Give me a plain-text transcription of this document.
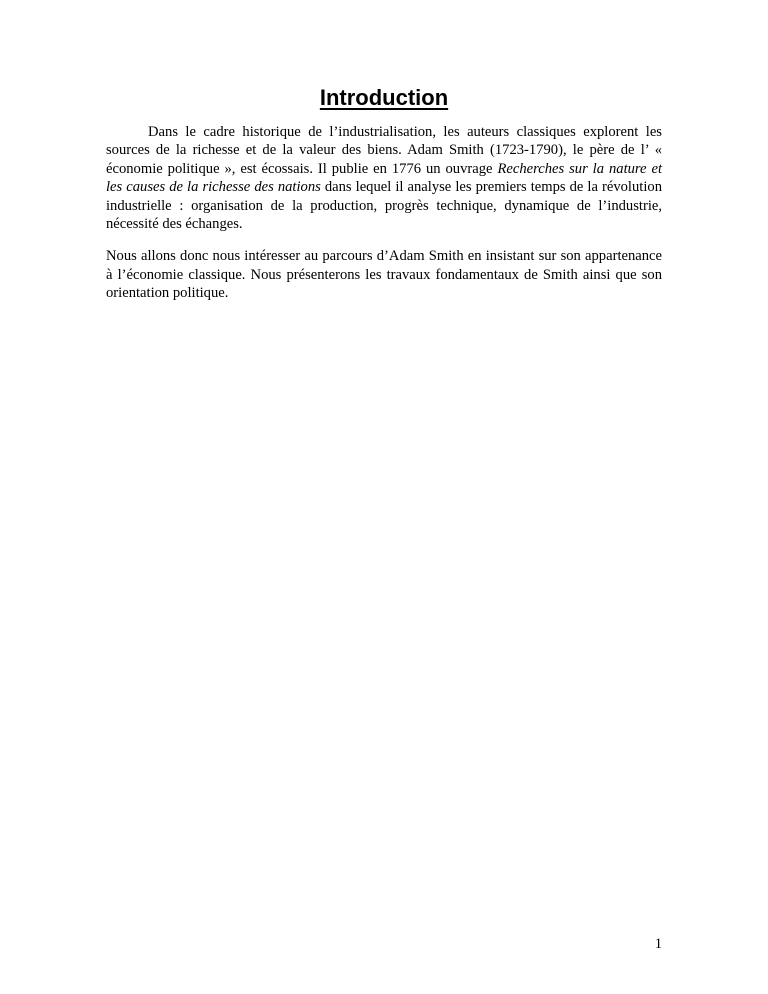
Introduction

Dans le cadre historique de l’industrialisation, les auteurs classiques explorent les sources de la richesse et de la valeur des biens. Adam Smith (1723-1790), le père de l’ « économie politique », est écossais. Il publie en 1776 un ouvrage Recherches sur la nature et les causes de la richesse des nations dans lequel il analyse les premiers temps de la révolution industrielle : organisation de la production, progrès technique, dynamique de l’industrie, nécessité des échanges.

Nous allons donc nous intéresser au parcours d’Adam Smith en insistant sur son appartenance à l’économie classique. Nous présenterons les travaux fondamentaux de Smith ainsi que son orientation politique.

1
